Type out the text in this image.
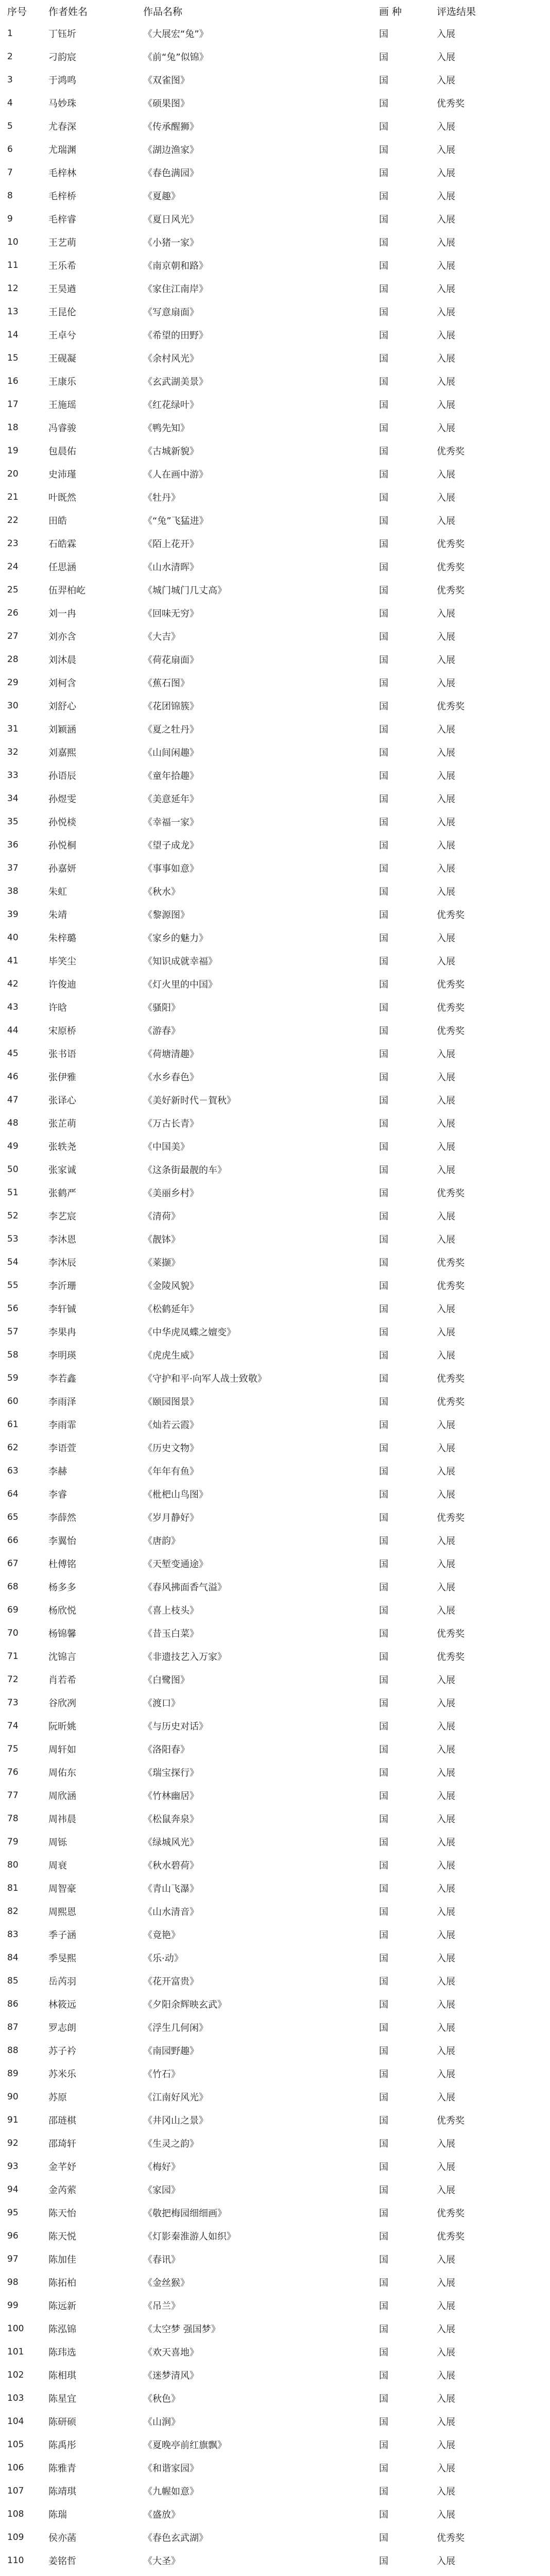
序号	作者姓名	作品名称	画 种	评选结果
1	丁钰圻	《大展宏“兔”》	国	入展
2	刁韵宸	《前“兔”似锦》	国	入展
3	于鸿鸣	《双雀图》	国	入展
4	马妙珠	《硕果图》	国	优秀奖
5	尤春深	《传承醒狮》	国	入展
6	尤瑞渊	《湖边渔家》	国	入展
7	毛梓林	《春色满园》	国	入展
8	毛梓桥	《夏趣》	国	入展
9	毛梓睿	《夏日风光》	国	入展
10	王艺萌	《小猪一家》	国	入展
11	王乐希	《南京朝和路》	国	入展
12	王昊遒	《家住江南岸》	国	入展
13	王昆伦	《写意扇面》	国	入展
14	王卓兮	《希望的田野》	国	入展
15	王砚凝	《余村风光》	国	入展
16	王康乐	《玄武湖美景》	国	入展
17	王施瑶	《红花绿叶》	国	入展
18	冯睿骏	《鸭先知》	国	入展
19	包晨佑	《古城新貌》	国	优秀奖
20	史沛瑾	《人在画中游》	国	入展
21	叶既然	《牡丹》	国	入展
22	田皓	《“兔”飞猛进》	国	入展
23	石皓霖	《陌上花开》	国	优秀奖
24	任思涵	《山水清晖》	国	优秀奖
25	伍羿柏屹	《城门城门几丈高》	国	优秀奖
26	刘一冉	《回味无穷》	国	入展
27	刘亦含	《大吉》	国	入展
28	刘沐晨	《荷花扇面》	国	入展
29	刘柯含	《蕉石图》	国	入展
30	刘舒心	《花团锦簇》	国	优秀奖
31	刘颖涵	《夏之牡丹》	国	入展
32	刘嘉熙	《山间闲趣》	国	入展
33	孙语辰	《童年拾趣》	国	入展
34	孙煜雯	《美意延年》	国	入展
35	孙悦棪	《幸福一家》	国	入展
36	孙悦桐	《望子成龙》	国	入展
37	孙嘉妍	《事事如意》	国	入展
38	朱虹	《秋水》	国	入展
39	朱靖	《黎源图》	国	优秀奖
40	朱梓璐	《家乡的魅力》	国	入展
41	毕笑尘	《知识成就幸福》	国	入展
42	许俊迪	《灯火里的中国》	国	优秀奖
43	许晗	《骚阳》	国	优秀奖
44	宋原桥	《游春》	国	优秀奖
45	张书语	《荷塘清趣》	国	入展
46	张伊雅	《水乡春色》	国	入展
47	张译心	《美好新时代－賀秋》	国	入展
48	张芷萌	《万古长青》	国	入展
49	张轶尧	《中国美》	国	入展
50	张家诚	《这条街最靓的车》	国	入展
51	张鹤严	《美丽乡村》	国	优秀奖
52	李艺宸	《清荷》	国	入展
53	李沐恩	《靓钵》	国	入展
54	李沐辰	《莱撷》	国	优秀奖
55	李沂珊	《金陵风貌》	国	优秀奖
56	李轩铖	《松鹤延年》	国	入展
57	李果冉	《中华虎凤蝶之嬗变》	国	入展
58	李明瑛	《虎虎生威》	国	入展
59	李若鑫	《守护和平·向军人战士致敬》	国	优秀奖
60	李雨泽	《颐园图景》	国	优秀奖
61	李雨霏	《灿若云霞》	国	入展
62	李语萱	《历史文物》	国	入展
63	李赫	《年年有鱼》	国	入展
64	李睿	《枇杷山鸟图》	国	入展
65	李薛然	《岁月静好》	国	优秀奖
66	李翼怡	《唐韵》	国	入展
67	杜傅铭	《天堑变通途》	国	入展
68	杨多多	《春风拂面香气溢》	国	入展
69	杨欣悦	《喜上枝头》	国	入展
70	杨锦馨	《昔玉白菜》	国	优秀奖
71	沈锦言	《非遗技艺入万家》	国	优秀奖
72	肖若希	《白鹭图》	国	入展
73	谷欣冽	《渡口》	国	入展
74	阮昕姚	《与历史对话》	国	入展
75	周轩如	《洛阳春》	国	入展
76	周佑东	《瑞宝探行》	国	入展
77	周欣涵	《竹林幽居》	国	入展
78	周祎晨	《松鼠奔泉》	国	入展
79	周铄	《绿城风光》	国	入展
80	周衰	《秋水碧荷》	国	入展
81	周智豪	《青山飞瀑》	国	入展
82	周熙恩	《山水清音》	国	入展
83	季子涵	《竟艳》	国	入展
84	季旻熙	《乐·动》	国	入展
85	岳芮羽	《花开富贵》	国	入展
86	林筱远	《夕阳余辉映玄武》	国	入展
87	罗志朗	《浮生几何闲》	国	入展
88	苏子衿	《南园野趣》	国	入展
89	苏米乐	《竹石》	国	入展
90	苏原	《江南好风光》	国	入展
91	邵琏棋	《井冈山之景》	国	优秀奖
92	邵琦轩	《生灵之韵》	国	入展
93	金芊妤	《梅好》	国	入展
94	金芮萦	《家园》	国	入展
95	陈天怡	《敬把梅园细细画》	国	优秀奖
96	陈天悦	《灯影秦淮游人如织》	国	优秀奖
97	陈加佳	《春讯》	国	入展
98	陈拓柏	《金丝猴》	国	入展
99	陈远新	《吊兰》	国	入展
100	陈泓锦	《太空梦 强国梦》	国	入展
101	陈玮选	《欢天喜地》	国	入展
102	陈相琪	《迷梦清风》	国	入展
103	陈星宜	《秋色》	国	入展
104	陈研硕	《山涧》	国	入展
105	陈禹彤	《夏晚亭前红旗飘》	国	入展
106	陈雅青	《和谐家园》	国	入展
107	陈靖琪	《九幄如意》	国	入展
108	陈瑞	《盛放》	国	入展
109	侯亦菡	《春色玄武湖》	国	优秀奖
110	姜铭哲	《大圣》	国	入展
